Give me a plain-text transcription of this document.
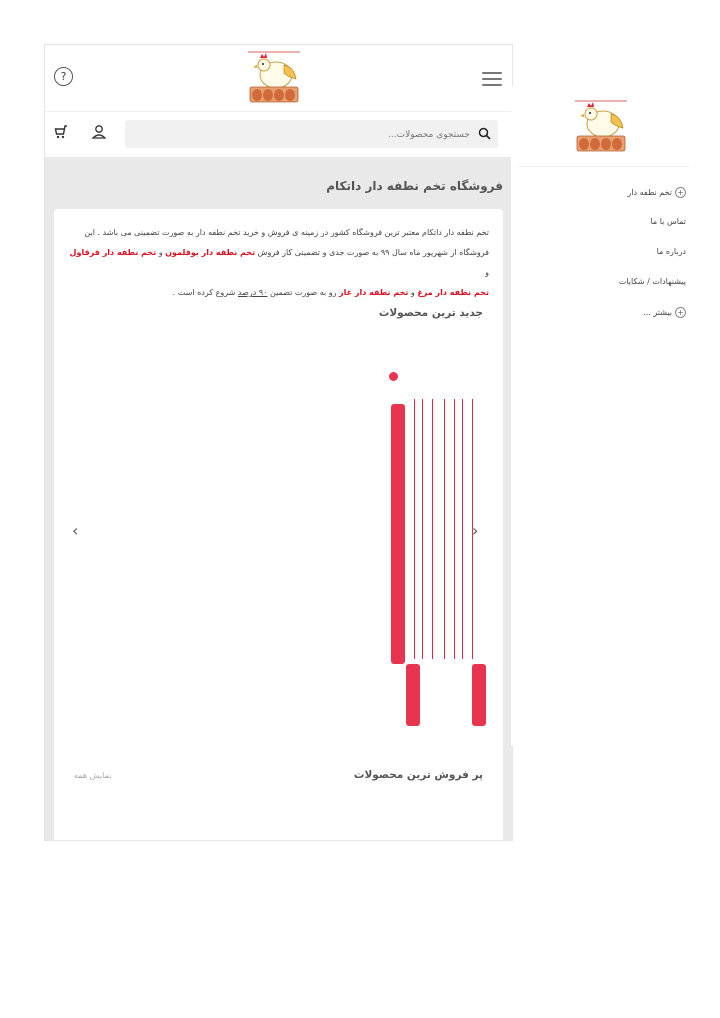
?
جستجوی محصولات...
فروشگاه تخم نطفه دار داتکام

تخم نطفه دار داتکام معتبر ترین فروشگاه کشور در زمینه ی فروش و خرید تخم نطفه دار به صورت تضمینی می باشد . این
فروشگاه از شهریور ماه سال ۹۹ به صورت جدی و تضمینی کار فروش تخم نطفه دار بوقلمون و تخم نطفه دار قرقاول و
تخم نطفه دار مرغ و تخم نطفه دار غاز رو به صورت تضمین ۹۰ درصد شروع کرده است .

جدید ترین محصولات
‹	›
پر فروش ترین محصولات
نمایش همه
+تخم نطفه دار
تماس با ما
درباره ما
پیشنهادات / شکایات
+بیشتر ...
